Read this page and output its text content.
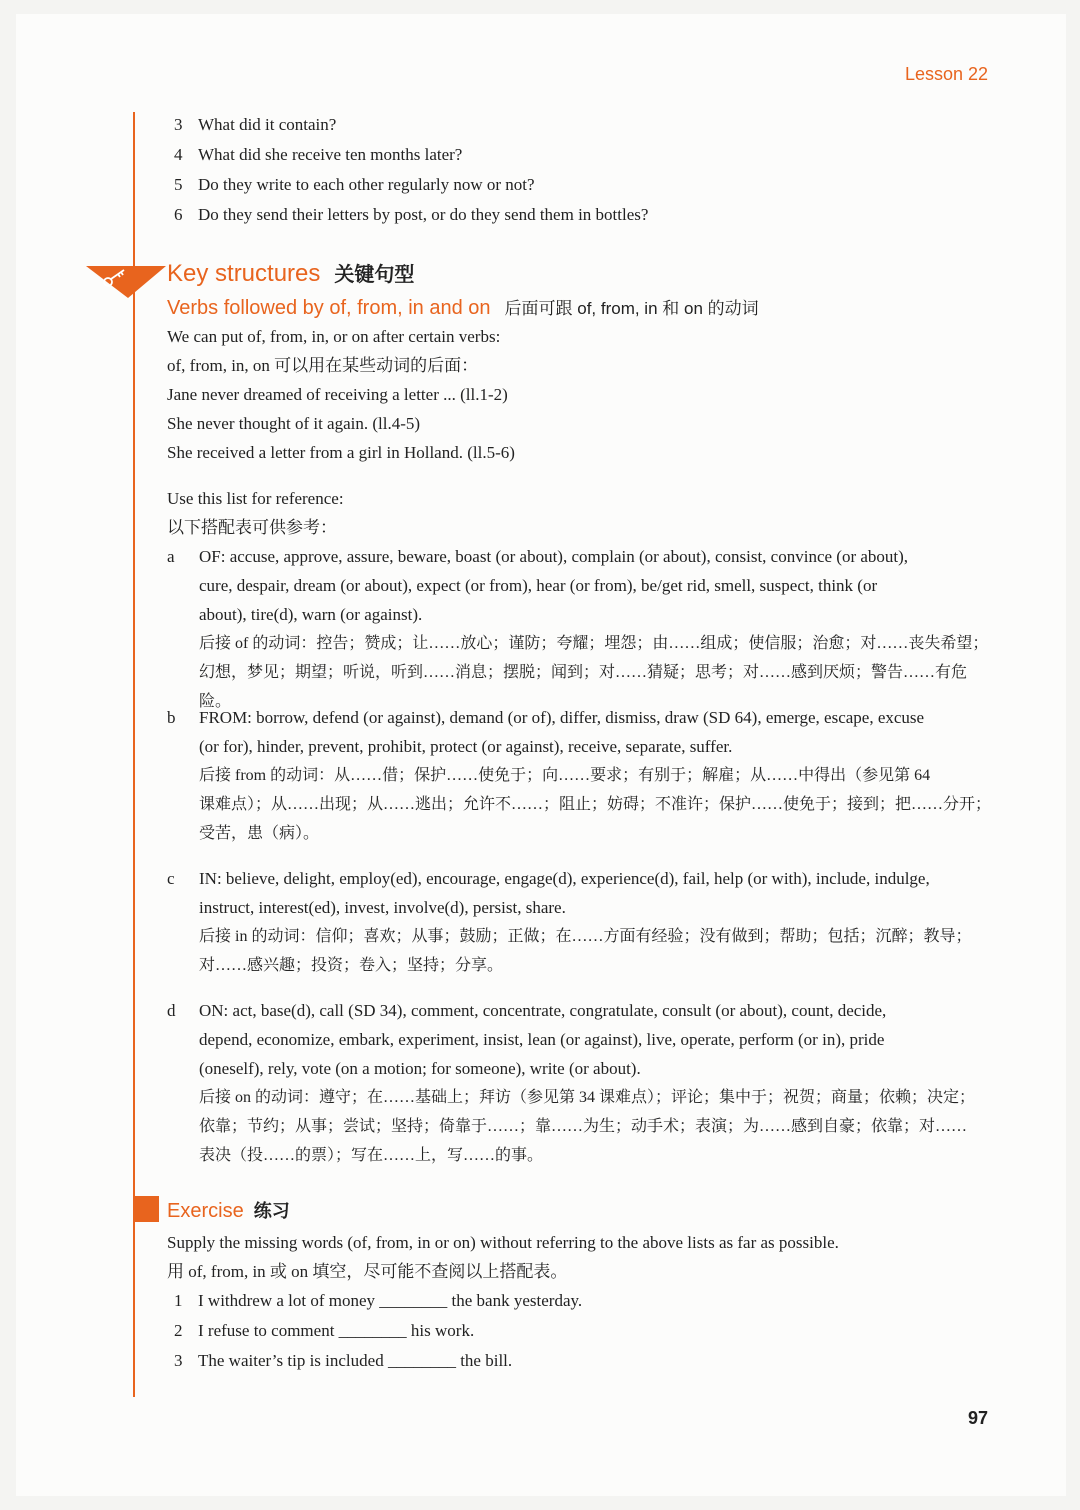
Lesson 22
3 What did it contain?
4 What did she receive ten months later?
5 Do they write to each other regularly now or not?
6 Do they send their letters by post, or do they send them in bottles?
Key structures 关键句型
Verbs followed by of, from, in and on 后面可跟 of, from, in 和 on 的动词
We can put of, from, in, or on after certain verbs:
of, from, in, on 可以用在某些动词的后面：
Jane never dreamed of receiving a letter ... (ll.1-2)
She never thought of it again. (ll.4-5)
She received a letter from a girl in Holland. (ll.5-6)
Use this list for reference:
以下搭配表可供参考：
a OF: accuse, approve, assure, beware, boast (or about), complain (or about), consist, convince (or about),
cure, despair, dream (or about), expect (or from), hear (or from), be/get rid, smell, suspect, think (or
about), tire(d), warn (or against).
后接 of 的动词：控告；赞成；让……放心；谨防；夸耀；埋怨；由……组成；使信服；治愈；对……丧失希望；
幻想，梦见；期望；听说，听到……消息；摆脱；闻到；对……猜疑；思考；对……感到厌烦；警告……有危险。
b FROM: borrow, defend (or against), demand (or of), differ, dismiss, draw (SD 64), emerge, escape, excuse
(or for), hinder, prevent, prohibit, protect (or against), receive, separate, suffer.
后接 from 的动词：从……借；保护……使免于；向……要求；有别于；解雇；从……中得出（参见第 64
课难点）；从……出现；从……逃出；允许不……；阻止；妨碍；不准许；保护……使免于；接到；把……分开；
受苦，患（病）。
c IN: believe, delight, employ(ed), encourage, engage(d), experience(d), fail, help (or with), include, indulge,
instruct, interest(ed), invest, involve(d), persist, share.
后接 in 的动词：信仰；喜欢；从事；鼓励；正做；在……方面有经验；没有做到；帮助；包括；沉醉；教导；
对……感兴趣；投资；卷入；坚持；分享。
d ON: act, base(d), call (SD 34), comment, concentrate, congratulate, consult (or about), count, decide,
depend, economize, embark, experiment, insist, lean (or against), live, operate, perform (or in), pride
(oneself), rely, vote (on a motion; for someone), write (or about).
后接 on 的动词：遵守；在……基础上；拜访（参见第 34 课难点）；评论；集中于；祝贺；商量；依赖；决定；
依靠；节约；从事；尝试；坚持；倚靠于……；靠……为生；动手术；表演；为……感到自豪；依靠；对……
表决（投……的票）；写在……上，写……的事。
Exercise 练习
Supply the missing words (of, from, in or on) without referring to the above lists as far as possible.
用 of, from, in 或 on 填空，尽可能不查阅以上搭配表。
1 I withdrew a lot of money ________ the bank yesterday.
2 I refuse to comment ________ his work.
3 The waiter’s tip is included ________ the bill.
97
